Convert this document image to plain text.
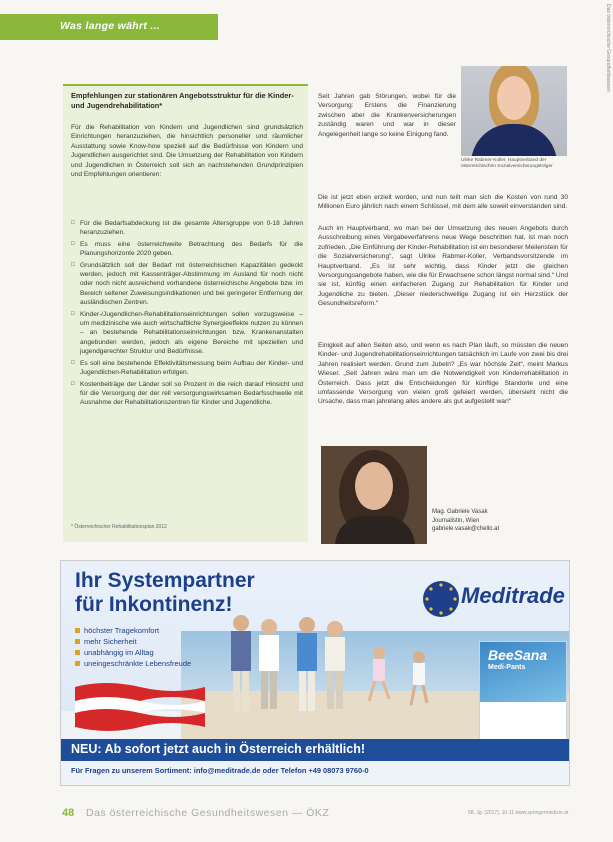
Was lange währt ...	Das österreichische Gesundheitswesen
Empfehlungen zur stationären Angebotsstruktur für die Kinder- und Jugendrehabilitation*
Für die Rehabilitation von Kindern und Jugendlichen sind grundsätzlich Einrichtungen heranzuziehen, die hinsichtlich personeller und räumlicher Ausstattung sowie Know-how speziell auf die Bedürfnisse von Kindern und Jugendlichen ausgerichtet sind. Die Umsetzung der Rehabilitation von Kindern und Jugendlichen in Österreich soll sich an nachstehenden Grundprinzipien und Empfehlungen orientieren:
□ Für die Bedarfsabdeckung ist die gesamte Altersgruppe von 0-18 Jahren heranzuziehen.
□ Es muss eine österreichweite Betrachtung des Bedarfs für die Planungshorizonte 2020 geben.
□ Grundsätzlich soll der Bedarf mit österreichischen Kapazitäten gedeckt werden, jedoch mit Kassenträger-Abstimmung im Ausland für noch nicht oder noch nicht ausreichend vorhandene österreichische Angebote bzw. im Bereich seltener Zuweisungsindikationen und bei geringerer Entfernung der ausländischen Zentren.
□ Kinder-/Jugendlichen-Rehabilitationseinrichtungen sollen vorzugsweise – um medizinische wie auch wirtschaftliche Synergieeffekte nutzen zu können – an bestehende Rehabilitationseinrichtungen bzw. Krankenanstalten angebunden werden, jedoch als eigene Bereiche mit speziellen und jugendgerechter Struktur und Bedürfnisse.
□ Es soll eine bestehende Effektivitätsmessung beim Aufbau der Kinder- und Jugendlichen-Rehabilitation erfolgen.
□ Kostenbeiträge der Länder soll so Prozent in die reich darauf Hinsicht und für die Versorgung der der rell versorgungswirksamen Bedarfsschwelle mit Ausnahme der Rehabilitationszentren für Kinder und Jugendliche.
* Österreichischer Rehabilitationsplan 2012
Ulrike Rabmer-Koller, Hauptverband der österreichischen Sozialversicherungsträger
Seit Jahren gab Störungen, wobei für die Versorgung: Erstens die Finanzierung zwischen aber die Krankenversicherungen zuständig waren und war in dieser Angelegenheit lange so keine Einigung fand.
Die ist jetzt eben erzielt worden, und nun teilt man sich die Kosten von rund 30 Millionen Euro jährlich nach einem Schlüssel, mit dem alle soweit einverstanden sind.
Auch im Hauptverband, wo man bei der Umsetzung des neuen Angebots durch Ausschreibung eines Vergabeverfahrens neue Wege beschritten hat, ist man noch zufrieden. „Die Einführung der Kinder-Rehabilitation ist ein besonderer Meilenstein für die Sozialversicherung“, sagt Ulrike Rabmer-Koller, Verbandsvorsitzende im Hauptverband. „Es ist sehr wichtig, dass Kinder jetzt die gleichen Versorgungsangebote haben, wie die für Erwachsene schon längst normal sind.“ Und sie ist, künftig einen einfacheren Zugang zur Rehabilitation für Kinder und Jugendliche zu bieten. „Dieser niederschwellige Zugang ist ein Herzstück der Gesundheitsreform.“
Einigkeit auf allen Seiten also, und wenn es nach Plan läuft, so müssten die neuen Kinder- und Jugendrehabilitationseinrichtungen tatsächlich im Laufe von zwei bis drei Jahren realisiert werden. Grund zum Jubeln? „Es war höchste Zeit“, meint Markus Wieser. „Seit Jahren wäre man um die Notwendigkeit von Kinderrehabilitation in Österreich. Dass jetzt die Entscheidungen für künftige Standorte und eine umfassende Versorgung von vielen groß gefeiert werden, übersieht nicht die Ursache, dass man jahrelang alles andere als gut aufgestellt war!“
Mag. Gabriele Vasak
Journalistin, Wien
gabriele.vasak@chello.at
Ihr Systempartner
für Inkontinenz!
höchster Tragekomfort
mehr Sicherheit
unabhängig im Alltag
uneingeschränkte Lebensfreude
Meditrade
BeeSana
Medi-Pants
NEU: Ab sofort jetzt auch in Österreich erhältlich!
Für Fragen zu unserem Sortiment: info@meditrade.de oder Telefon +49 08073 9760-0
48 Das österreichische Gesundheitswesen — ÖKZ	58. Jg. (2017), 10-11 www.springermedizin.at
